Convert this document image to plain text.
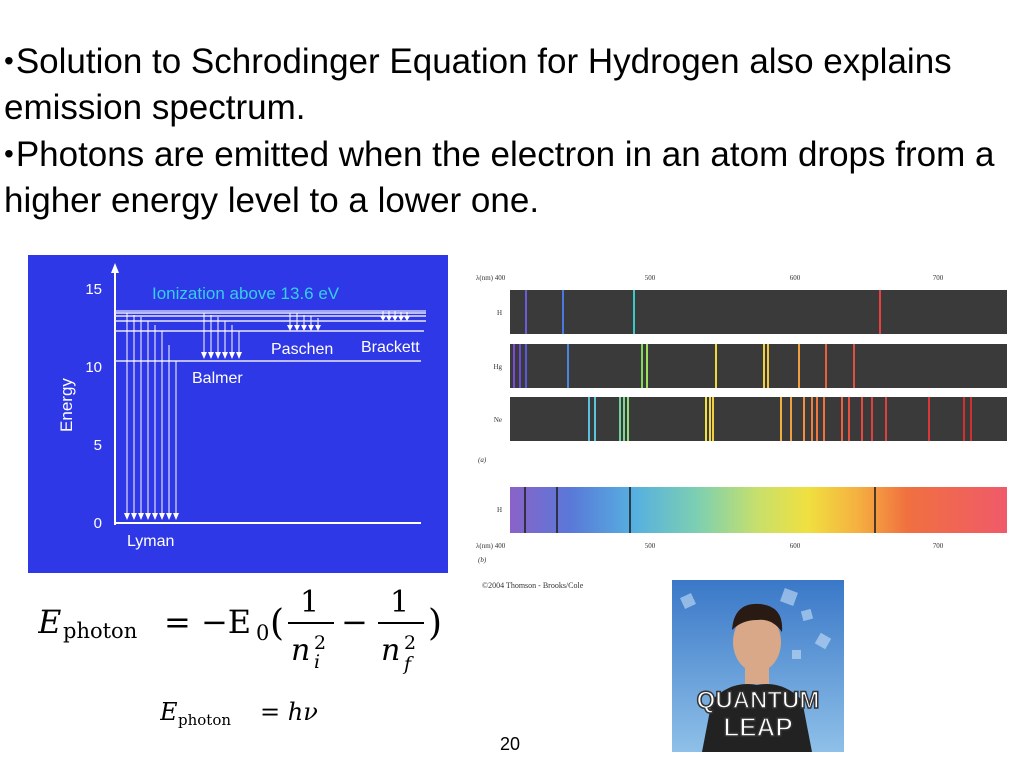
•Solution to Schrodinger Equation for Hydrogen also explains emission spectrum.

•Photons are emitted when the electron in an atom drops from a higher energy level to a lower one.

15
10
5
0
Energy
Ionization above 13.6 eV
Lyman
Balmer
Paschen Brackett
λ(nm) 400	500	600	700
H
Hg
Ne
(a)
H
λ(nm) 400	500	600	700
(b)
©2004 Thomson - Brooks/Cole
E photon = −E 0 (
1
n 2
i
−
1
n 2
f
)
E photon = hν
20
QUANTUM
LEAP
